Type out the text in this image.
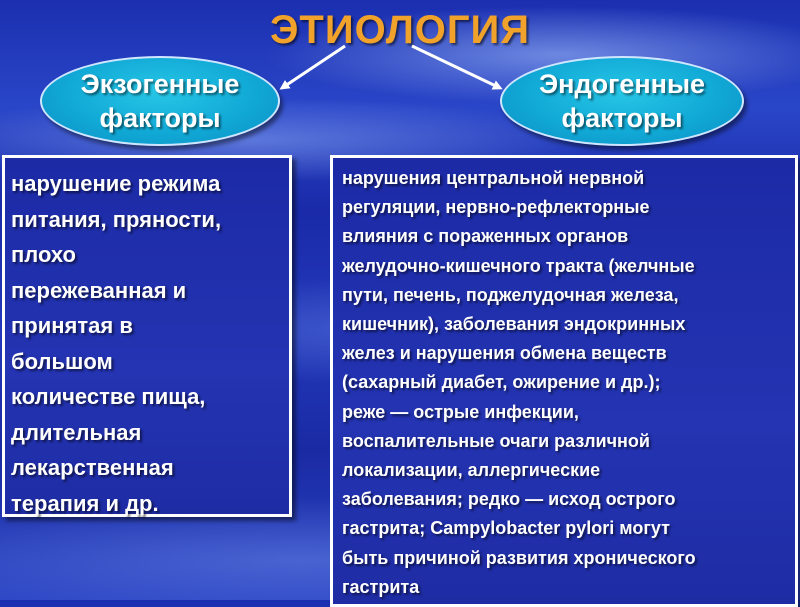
ЭТИОЛОГИЯ
Экзогенные
факторы
Эндогенные
факторы
нарушение режима
питания, пряности,
плохо
пережеванная и
принятая в
большом
количестве пища,
длительная
лекарственная
терапия и др.
нарушения центральной нервной
регуляции, нервно-рефлекторные
влияния с пораженных органов
желудочно-кишечного тракта (желчные
пути, печень, поджелудочная железа,
кишечник), заболевания эндокринных
желез и нарушения обмена веществ
(сахарный диабет, ожирение и др.);
реже — острые инфекции,
воспалительные очаги различной
локализации, аллергические
заболевания; редко — исход острого
гастрита; Campylobacter pylori могут
быть причиной развития хронического
гастрита
